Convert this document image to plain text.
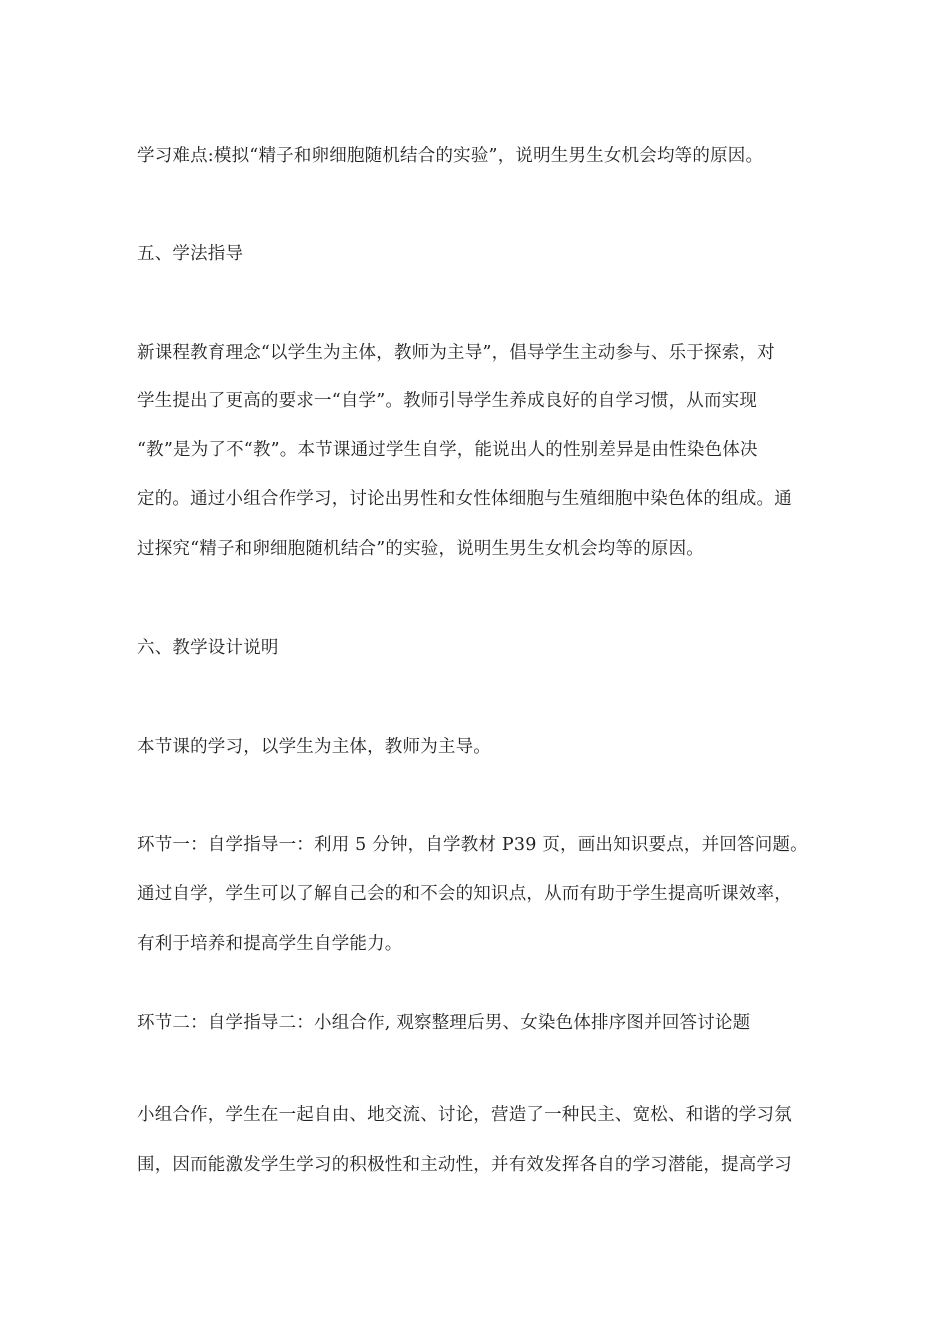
学习难点:模拟“精子和卵细胞随机结合的实验”，说明生男生女机会均等的原因。
五、学法指导
新课程教育理念“以学生为主体，教师为主导”，倡导学生主动参与、乐于探索，对
学生提出了更高的要求一“自学”。教师引导学生养成良好的自学习惯，从而实现
“教”是为了不“教”。本节课通过学生自学，能说出人的性别差异是由性染色体决
定的。通过小组合作学习，讨论出男性和女性体细胞与生殖细胞中染色体的组成。通
过探究“精子和卵细胞随机结合”的实验，说明生男生女机会均等的原因。
六、教学设计说明
本节课的学习，以学生为主体，教师为主导。
环节一：自学指导一：利用 5 分钟，自学教材 P39 页，画出知识要点，并回答问题。
通过自学，学生可以了解自己会的和不会的知识点，从而有助于学生提高听课效率，
有利于培养和提高学生自学能力。
环节二：自学指导二：小组合作, 观察整理后男、女染色体排序图并回答讨论题
小组合作，学生在一起自由、地交流、讨论，营造了一种民主、宽松、和谐的学习氛
围，因而能激发学生学习的积极性和主动性，并有效发挥各自的学习潜能，提高学习
